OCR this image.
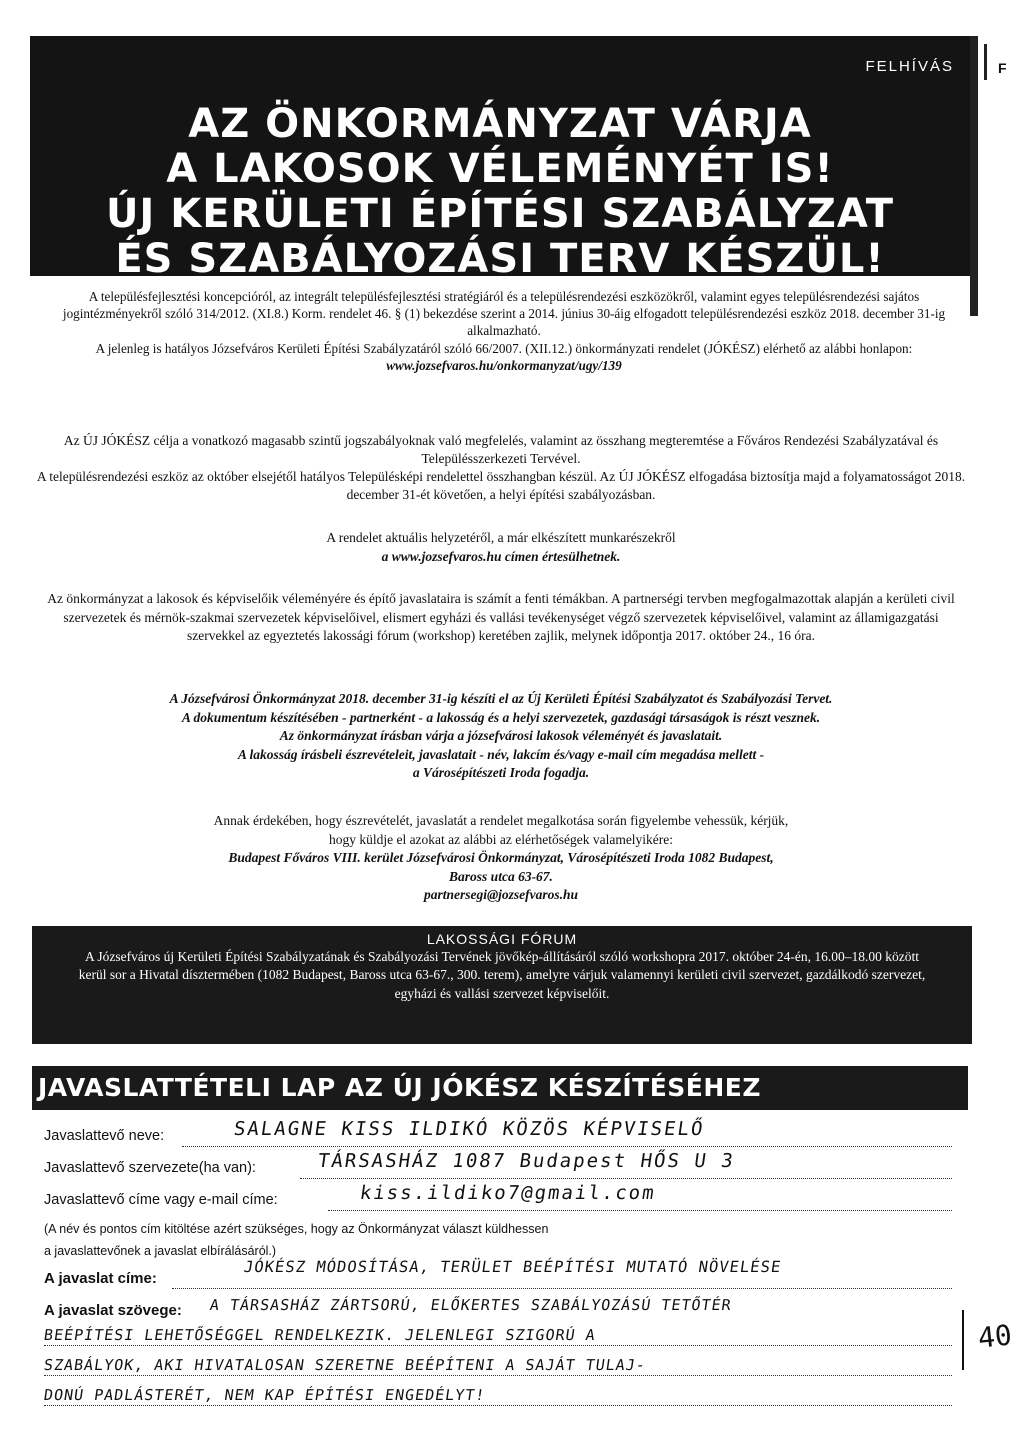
FELHÍVÁS
AZ ÖNKORMÁNYZAT VÁRJA
A LAKOSOK VÉLEMÉNYÉT IS!
ÚJ KERÜLETI ÉPÍTÉSI SZABÁLYZAT
ÉS SZABÁLYOZÁSI TERV KÉSZÜL!
F

A településfejlesztési koncepcióról, az integrált településfejlesztési stratégiáról és a településrendezési eszközökről, valamint egyes településrendezési sajátos jogintézményekről szóló 314/2012. (XI.8.) Korm. rendelet 46. § (1) bekezdése szerint a 2014. június 30-áig elfogadott településrendezési eszköz 2018. december 31-ig alkalmazható.

A jelenleg is hatályos Józsefváros Kerületi Építési Szabályzatáról szóló 66/2007. (XII.12.) önkormányzati rendelet (JÓKÉSZ) elérhető az alábbi honlapon:

www.jozsefvaros.hu/onkormanyzat/ugy/139

Az ÚJ JÓKÉSZ célja a vonatkozó magasabb szintű jogszabályoknak való megfelelés, valamint az összhang megteremtése a Főváros Rendezési Szabályzatával és Településszerkezeti Tervével.

A településrendezési eszköz az október elsejétől hatályos Településképi rendelettel összhangban készül. Az ÚJ JÓKÉSZ elfogadása biztosítja majd a folyamatosságot 2018. december 31-ét követően, a helyi építési szabályozásban.

A rendelet aktuális helyzetéről, a már elkészített munkarészekről

a www.jozsefvaros.hu címen értesülhetnek.

Az önkormányzat a lakosok és képviselőik véleményére és építő javaslataira is számít a fenti témákban. A partnerségi tervben megfogalmazottak alapján a kerületi civil szervezetek és mérnök-szakmai szervezetek képviselőivel, elismert egyházi és vallási tevékenységet végző szervezetek képviselőivel, valamint az államigazgatási szervekkel az egyeztetés lakossági fórum (workshop) keretében zajlik, melynek időpontja 2017. október 24., 16 óra.

A Józsefvárosi Önkormányzat 2018. december 31-ig készíti el az Új Kerületi Építési Szabályzatot és Szabályozási Tervet.

A dokumentum készítésében - partnerként - a lakosság és a helyi szervezetek, gazdasági társaságok is részt vesznek.

Az önkormányzat írásban várja a józsefvárosi lakosok véleményét és javaslatait.

A lakosság írásbeli észrevételeit, javaslatait - név, lakcím és/vagy e-mail cím megadása mellett -

a Városépítészeti Iroda fogadja.

Annak érdekében, hogy észrevételét, javaslatát a rendelet megalkotása során figyelembe vehessük, kérjük,

hogy küldje el azokat az alábbi az elérhetőségek valamelyikére:

Budapest Főváros VIII. kerület Józsefvárosi Önkormányzat, Városépítészeti Iroda 1082 Budapest,

Baross utca 63-67.

partnersegi@jozsefvaros.hu

LAKOSSÁGI FÓRUM

A Józsefváros új Kerületi Építési Szabályzatának és Szabályozási Tervének jövőkép-állításáról szóló workshopra 2017. október 24-én, 16.00–18.00 között kerül sor a Hivatal dísztermében (1082 Budapest, Baross utca 63-67., 300. terem), amelyre várjuk valamennyi kerületi civil szervezet, gazdálkodó szervezet, egyházi és vallási szervezet képviselőit.

JAVASLATTÉTELI LAP AZ ÚJ JÓKÉSZ KÉSZÍTÉSÉHEZ
Javaslattevő neve:	SALAGNE KISS ILDIKÓ KÖZÖS KÉPVISELŐ
Javaslattevő szervezete(ha van):	TÁRSASHÁZ 1087 Budapest HŐS U 3
Javaslattevő címe vagy e-mail címe:	kiss.ildiko7@gmail.com
(A név és pontos cím kitöltése azért szükséges, hogy az Önkormányzat választ küldhessen
a javaslattevőnek a javaslat elbírálásáról.)
A javaslat címe:
JÓKÉSZ MÓDOSÍTÁSA, TERÜLET BEÉPÍTÉSI MUTATÓ NÖVELÉSE
A javaslat szövege: A TÁRSASHÁZ ZÁRTSORÚ, ELŐKERTES SZABÁLYOZÁSÚ TETŐTÉR
BEÉPÍTÉSI LEHETŐSÉGGEL RENDELKEZIK. JELENLEGI SZIGORÚ A
SZABÁLYOK, AKI HIVATALOSAN SZERETNE BEÉPÍTENI A SAJÁT TULAJ-
DONÚ PADLÁSTERÉT, NEM KAP ÉPÍTÉSI ENGEDÉLYT!
40
